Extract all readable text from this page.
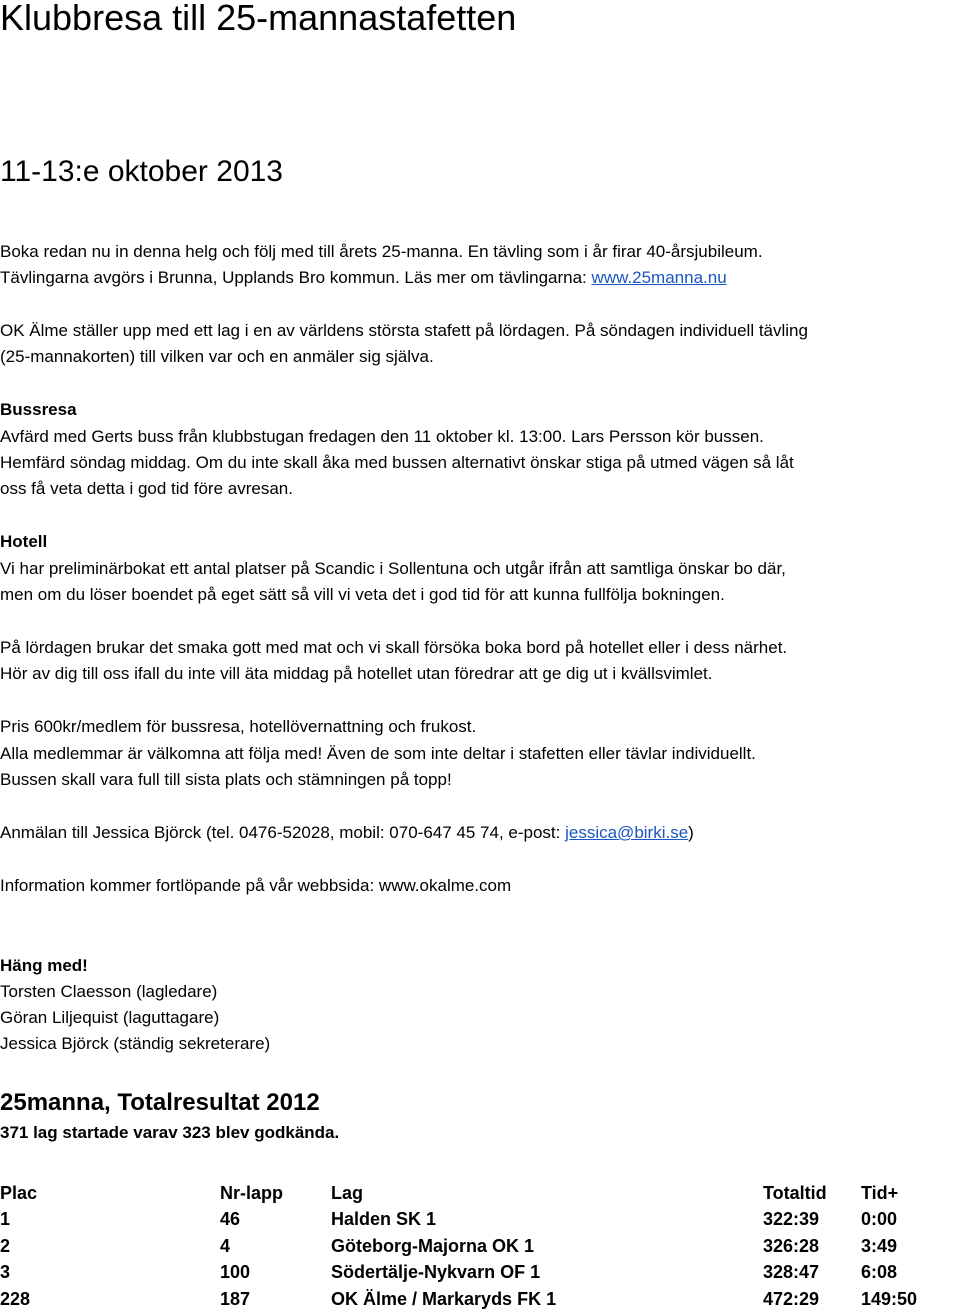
Klubbresa till 25-mannastafetten
11-13:e oktober 2013

Boka redan nu in denna helg och följ med till årets 25-manna. En tävling som i år firar 40-årsjubileum.

Tävlingarna avgörs i Brunna, Upplands Bro kommun. Läs mer om tävlingarna: www.25manna.nu

OK Älme ställer upp med ett lag i en av världens största stafett på lördagen. På söndagen individuell tävling

(25-mannakorten) till vilken var och en anmäler sig själva.

Bussresa

Avfärd med Gerts buss från klubbstugan fredagen den 11 oktober kl. 13:00. Lars Persson kör bussen.

Hemfärd söndag middag. Om du inte skall åka med bussen alternativt önskar stiga på utmed vägen så låt

oss få veta detta i god tid före avresan.

Hotell

Vi har preliminärbokat ett antal platser på Scandic i Sollentuna och utgår ifrån att samtliga önskar bo där,

men om du löser boendet på eget sätt så vill vi veta det i god tid för att kunna fullfölja bokningen.

På lördagen brukar det smaka gott med mat och vi skall försöka boka bord på hotellet eller i dess närhet.

Hör av dig till oss ifall du inte vill äta middag på hotellet utan föredrar att ge dig ut i kvällsvimlet.

Pris 600kr/medlem för bussresa, hotellövernattning och frukost.

Alla medlemmar är välkomna att följa med! Även de som inte deltar i stafetten eller tävlar individuellt.

Bussen skall vara full till sista plats och stämningen på topp!

Anmälan till Jessica Björck (tel. 0476-52028, mobil: 070-647 45 74, e-post: jessica@birki.se)

Information kommer fortlöpande på vår webbsida: www.okalme.com

Häng med!

Torsten Claesson (lagledare)

Göran Liljequist (laguttagare)

Jessica Björck (ständig sekreterare)

25manna, Totalresultat 2012

371 lag startade varav 323 blev godkända.

Plac	Nr-lapp	Lag	Totaltid	Tid+
1	46	Halden SK 1	322:39	0:00
2	4	Göteborg-Majorna OK 1	326:28	3:49
3	100	Södertälje-Nykvarn OF 1	328:47	6:08
228	187	OK Älme / Markaryds FK 1	472:29	149:50
